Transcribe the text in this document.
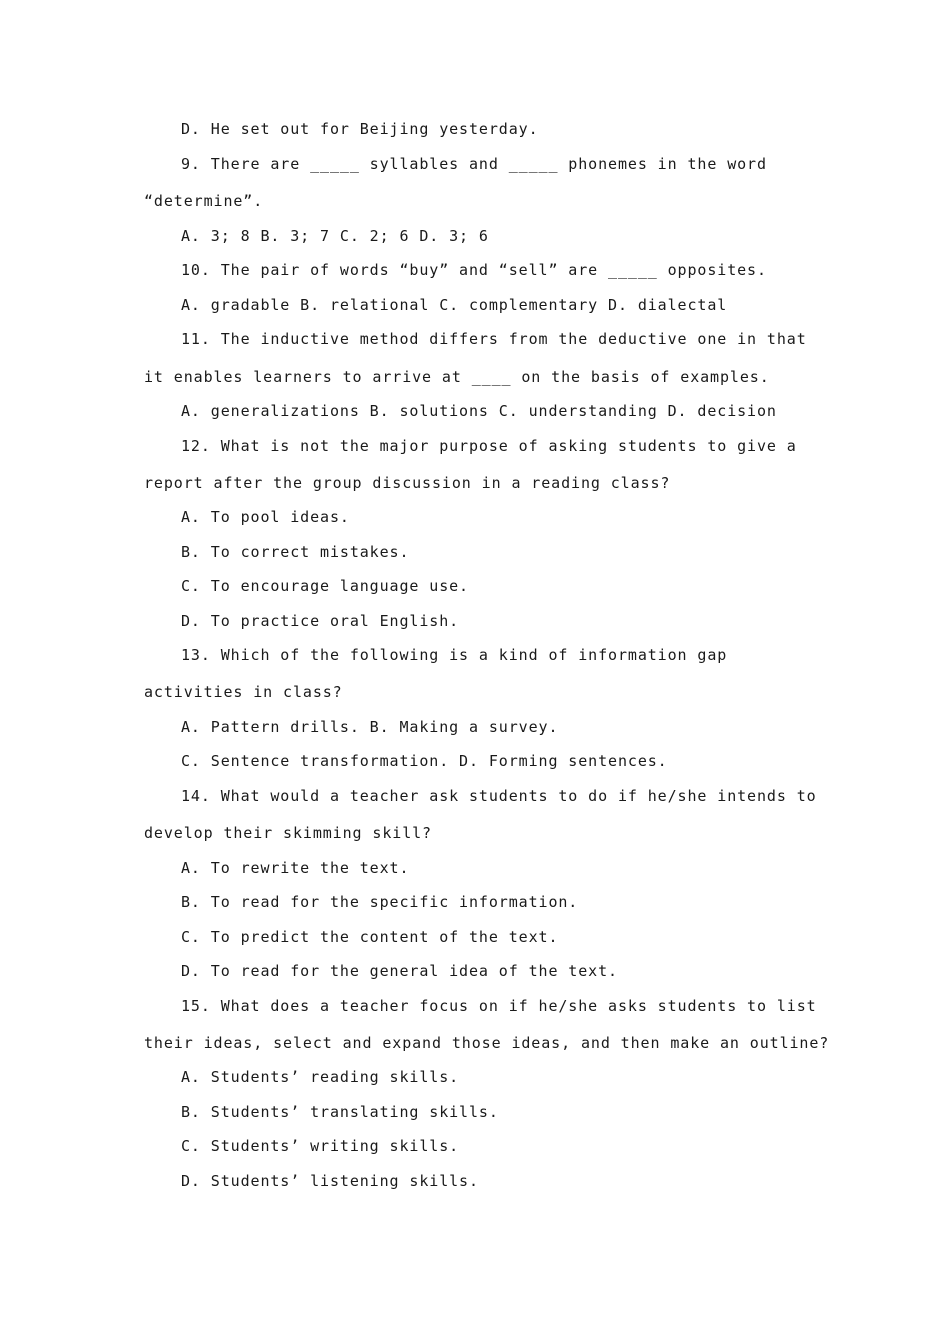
D. He set out for Beijing yesterday.

9. There are _____ syllables and _____ phonemes in the word

“determine”.

A. 3; 8 B. 3; 7 C. 2; 6 D. 3; 6

10. The pair of words “buy” and “sell” are _____ opposites.

A. gradable B. relational C. complementary D. dialectal

11. The inductive method differs from the deductive one in that

it enables learners to arrive at ____ on the basis of examples.

A. generalizations B. solutions C. understanding D. decision

12. What is not the major purpose of asking students to give a

report after the group discussion in a reading class?

A. To pool ideas.

B. To correct mistakes.

C. To encourage language use.

D. To practice oral English.

13. Which of the following is a kind of information gap

activities in class?

A. Pattern drills. B. Making a survey.

C. Sentence transformation. D. Forming sentences.

14. What would a teacher ask students to do if he/she intends to

develop their skimming skill?

A. To rewrite the text.

B. To read for the specific information.

C. To predict the content of the text.

D. To read for the general idea of the text.

15. What does a teacher focus on if he/she asks students to list

their ideas, select and expand those ideas, and then make an outline?

A. Students’ reading skills.

B. Students’ translating skills.

C. Students’ writing skills.

D. Students’ listening skills.
